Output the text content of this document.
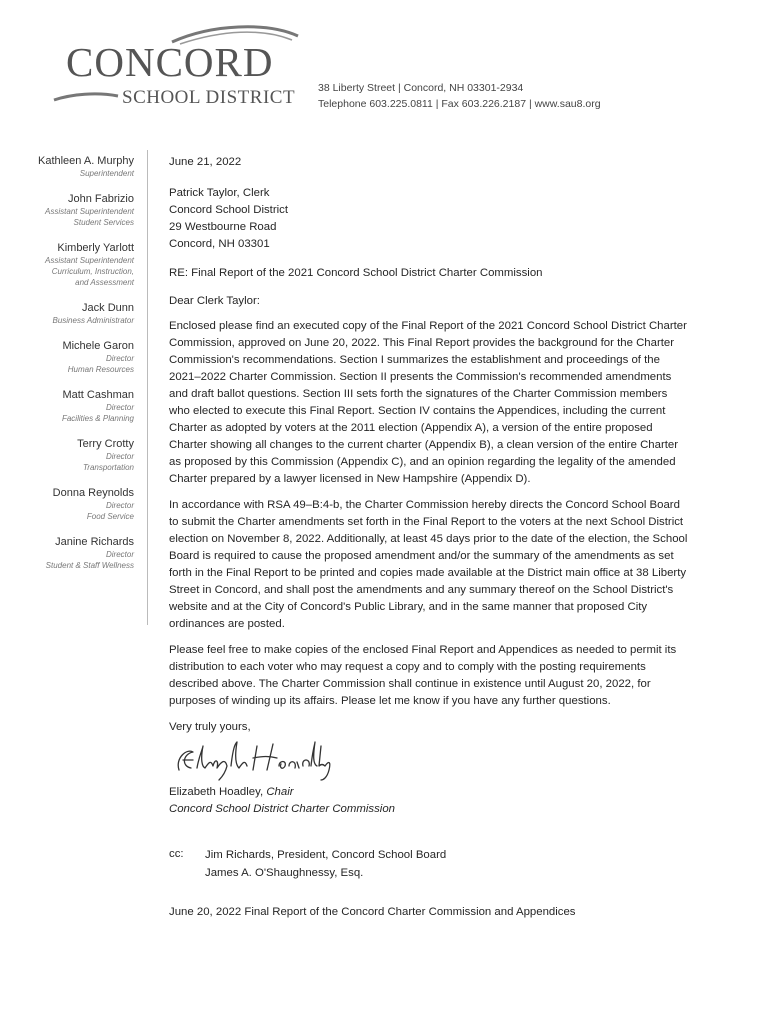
CONCORD
SCHOOL DISTRICT 38 Liberty Street | Concord, NH 03301-2934
Telephone 603.225.0811 | Fax 603.226.2187 | www.sau8.org
Kathleen A. Murphy
Superintendent
John Fabrizio
Assistant Superintendent
Student Services
Kimberly Yarlott
Assistant Superintendent
Curriculum, Instruction,
and Assessment
Jack Dunn
Business Administrator
Michele Garon
Director
Human Resources
Matt Cashman
Director
Facilities & Planning
Terry Crotty
Director
Transportation
Donna Reynolds
Director
Food Service
Janine Richards
Director
Student & Staff Wellness

June 21, 2022

Patrick Taylor, Clerk

Concord School District

29 Westbourne Road

Concord, NH 03301

RE: Final Report of the 2021 Concord School District Charter Commission

Dear Clerk Taylor:

Enclosed please find an executed copy of the Final Report of the 2021 Concord School District Charter Commission, approved on June 20, 2022. This Final Report provides the background for the Charter Commission's recommendations. Section I summarizes the establishment and proceedings of the 2021–2022 Charter Commission. Section II presents the Commission's recommended amendments and draft ballot questions. Section III sets forth the signatures of the Charter Commission members who elected to execute this Final Report. Section IV contains the Appendices, including the current Charter as adopted by voters at the 2011 election (Appendix A), a version of the entire proposed Charter showing all changes to the current charter (Appendix B), a clean version of the entire Charter as proposed by this Commission (Appendix C), and an opinion regarding the legality of the amended Charter prepared by a lawyer licensed in New Hampshire (Appendix D).

In accordance with RSA 49–B:4-b, the Charter Commission hereby directs the Concord School Board to submit the Charter amendments set forth in the Final Report to the voters at the next School District election on November 8, 2022. Additionally, at least 45 days prior to the date of the election, the School Board is required to cause the proposed amendment and/or the summary of the amendments as set forth in the Final Report to be printed and copies made available at the District main office at 38 Liberty Street in Concord, and shall post the amendments and any summary thereof on the School District's website and at the City of Concord's Public Library, and in the same manner that proposed City ordinances are posted.

Please feel free to make copies of the enclosed Final Report and Appendices as needed to permit its distribution to each voter who may request a copy and to comply with the posting requirements described above. The Charter Commission shall continue in existence until August 20, 2022, for purposes of winding up its affairs. Please let me know if you have any further questions.

Very truly yours,

Elizabeth Hoadley, Chair

Concord School District Charter Commission

cc:	Jim Richards, President, Concord School Board
James A. O'Shaughnessy, Esq.

June 20, 2022 Final Report of the Concord Charter Commission and Appendices
